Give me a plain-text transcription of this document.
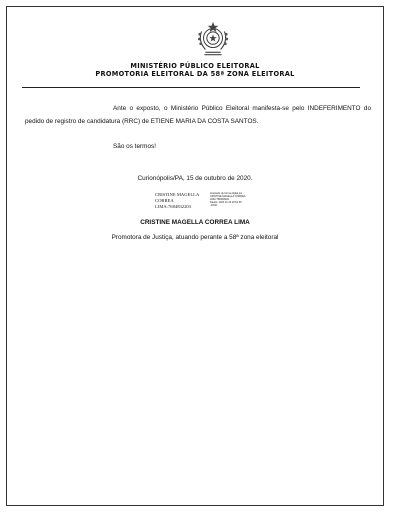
MINISTÉRIO PÚBLICO ELEITORAL
PROMOTORIA ELEITORAL DA 58ª ZONA ELEITORAL
Ante o exposto, o Ministério Público Eleitoral manifesta-se pelo INDEFERIMENTO do pedido de registro de candidatura (RRC) de ETIENE MARIA DA COSTA SANTOS.
São os termos!
Curionópolis/PA, 15 de outubro de 2020.
CRISTINE MAGELLA
CORREA
LIMA:7684832203
Assinado de forma digital por
CRISTINE MAGELLA CORREA
LIMA:768483220
Dados: 2020.10.15 18:51:39
-03'00'
CRISTINE MAGELLA CORREA LIMA
Promotora de Justiça, atuando perante a 58ª zona eleitoral
